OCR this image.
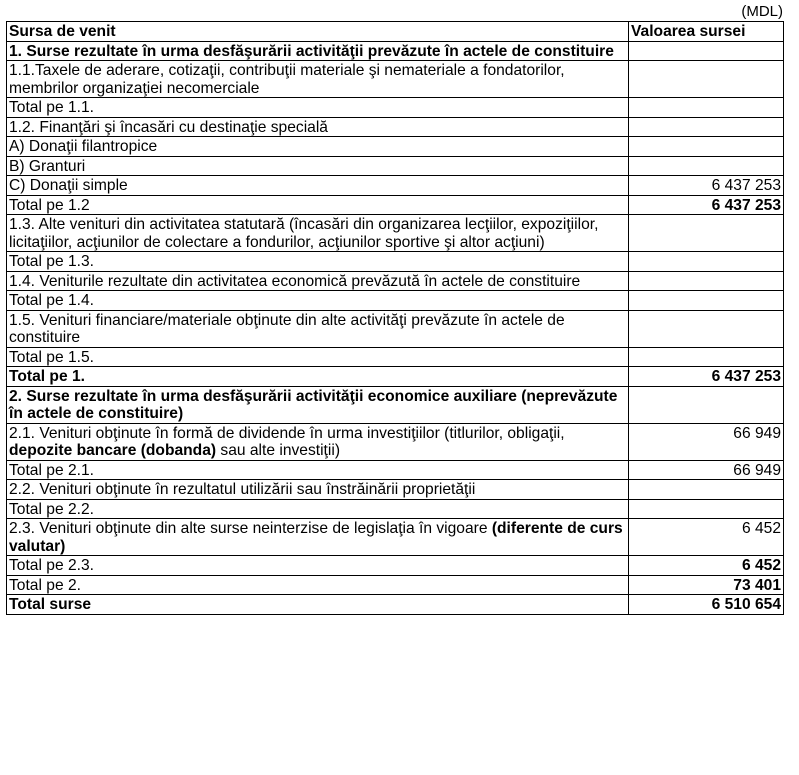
(MDL)
Sursa de venit	Valoarea sursei
1. Surse rezultate în urma desfăşurării activităţii prevăzute în actele de constituire	
1.1.Taxele de aderare, cotizaţii, contribuţii materiale şi nemateriale a fondatorilor, membrilor organizaţiei necomerciale	
Total pe 1.1.	
1.2. Finanţări şi încasări cu destinaţie specială	
A) Donaţii filantropice	
B) Granturi	
C) Donaţii simple	6 437 253
Total pe 1.2	6 437 253
1.3. Alte venituri din activitatea statutară (încasări din organizarea lecţiilor, expoziţiilor, licitaţiilor, acţiunilor de colectare a fondurilor, acţiunilor sportive şi altor acţiuni)	
Total pe 1.3.	
1.4. Veniturile rezultate din activitatea economică prevăzută în actele de constituire	
Total pe 1.4.	
1.5. Venituri financiare/materiale obţinute din alte activităţi prevăzute în actele de constituire	
Total pe 1.5.	
Total pe 1.	6 437 253
2. Surse rezultate în urma desfăşurării activităţii economice auxiliare (neprevăzute în actele de constituire)	
2.1. Venituri obţinute în formă de dividende în urma investiţiilor (titlurilor, obligaţii, depozite bancare (dobanda) sau alte investiţii)	66 949
Total pe 2.1.	66 949
2.2. Venituri obţinute în rezultatul utilizării sau înstrăinării proprietăţii	
Total pe 2.2.	
2.3. Venituri obţinute din alte surse neinterzise de legislaţia în vigoare (diferente de curs valutar)	6 452
Total pe 2.3.	6 452
Total pe 2.	73 401
Total surse	6 510 654
